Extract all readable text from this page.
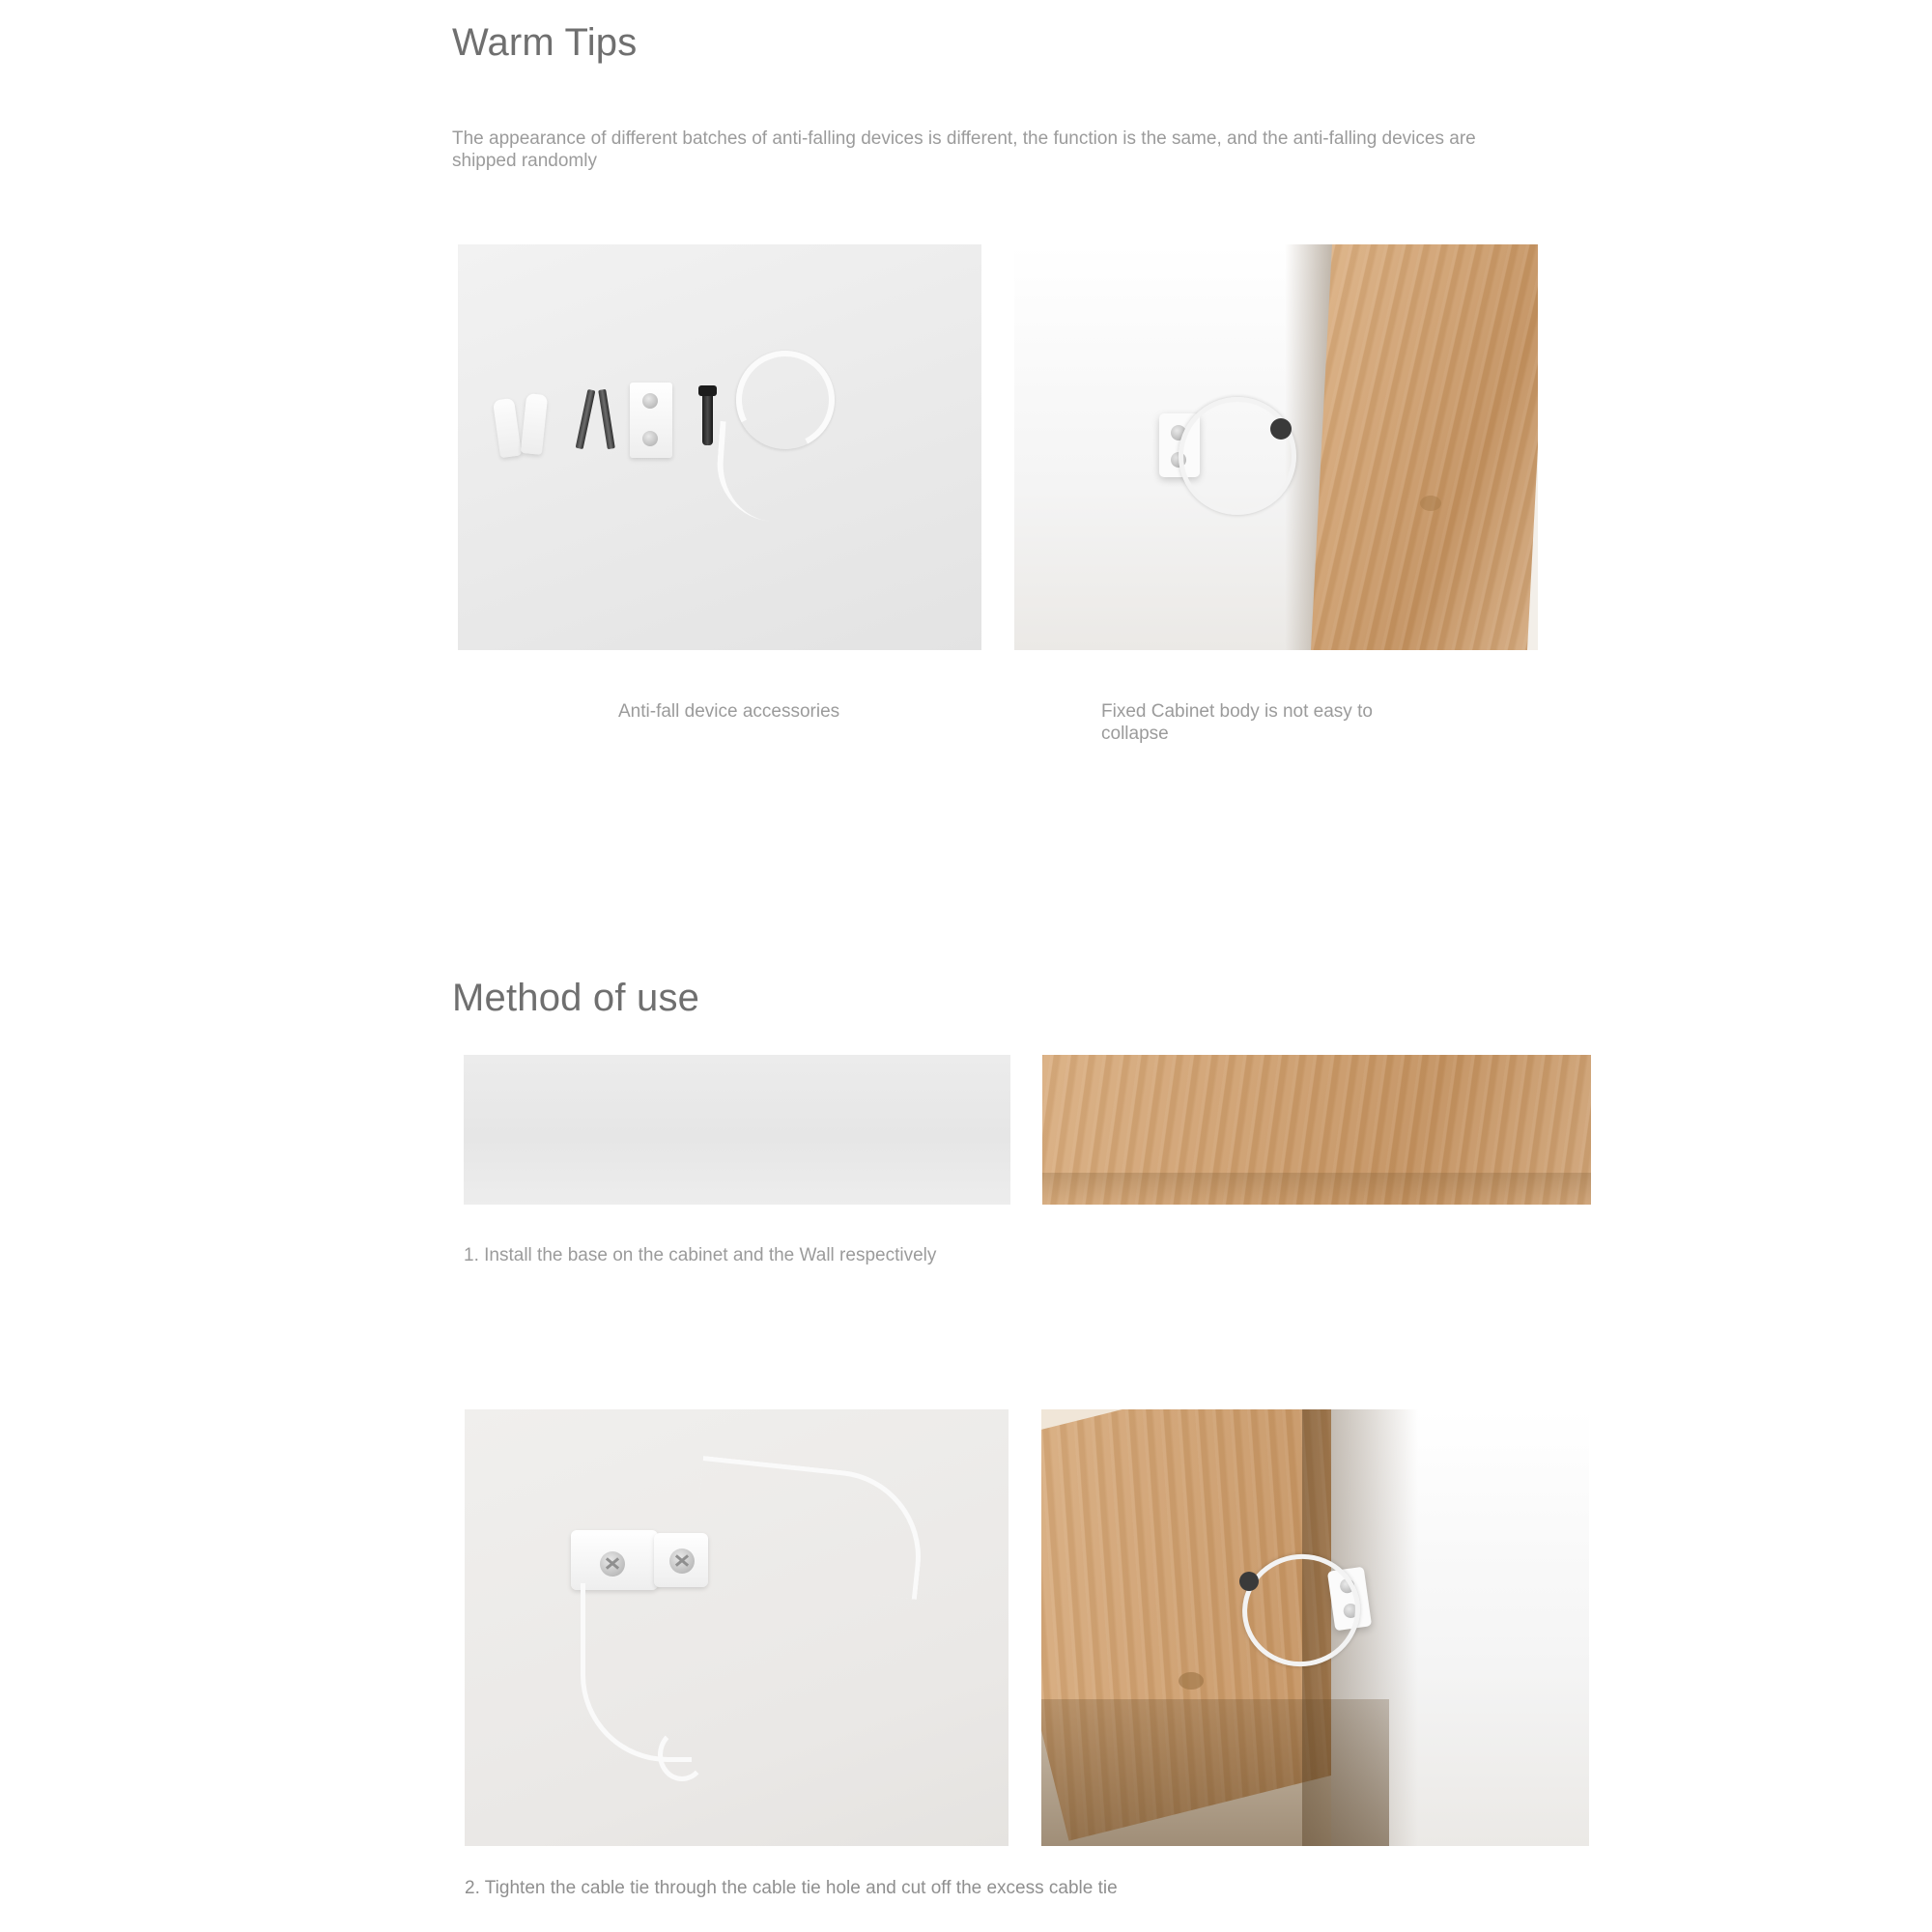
Warm Tips

The appearance of different batches of anti-falling devices is different, the function is the same, and the anti-falling devices are shipped randomly

Anti-fall device accessories	Fixed Cabinet body is not easy to collapse
Method of use
1. Install the base on the cabinet and the Wall respectively
2. Tighten the cable tie through the cable tie hole and cut off the excess cable tie
